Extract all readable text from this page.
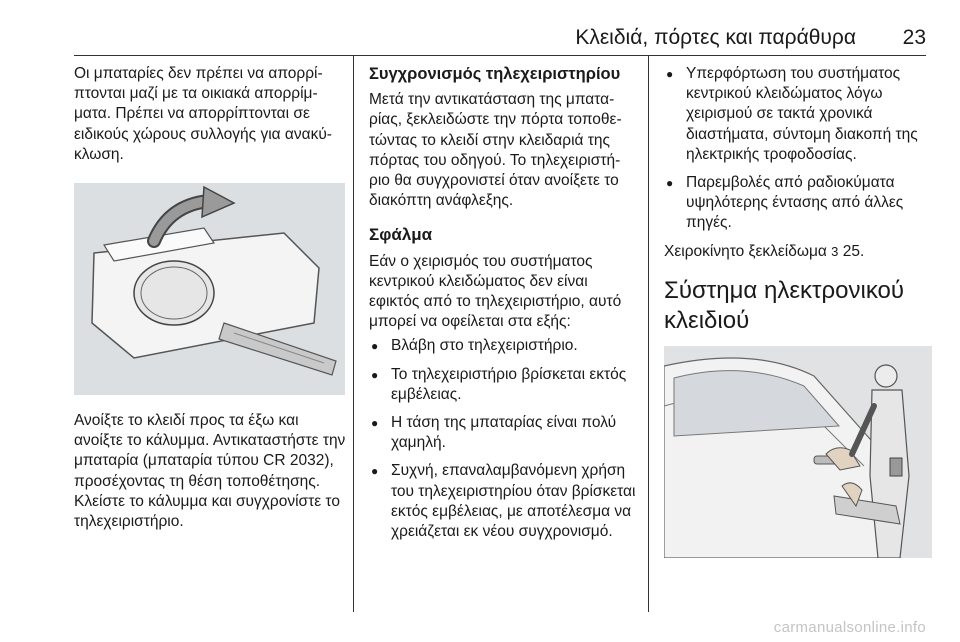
Κλειδιά, πόρτες και παράθυρα 23

Οι μπαταρίες δεν πρέπει να απορρί- πτονται μαζί με τα οικιακά απορρίμ- ματα. Πρέπει να απορρίπτονται σε ειδικούς χώρους συλλογής για ανακύ- κλωση.

Ανοίξτε το κλειδί προς τα έξω και ανοίξτε το κάλυμμα. Αντικαταστήστε την μπαταρία (μπαταρία τύπου CR 2032), προσέχοντας τη θέση τοποθέτησης. Κλείστε το κάλυμμα και συγχρονίστε το τηλεχειριστήριο.

Συγχρονισμός τηλεχειριστηρίου

Μετά την αντικατάσταση της μπατα- ρίας, ξεκλειδώστε την πόρτα τοποθε- τώντας το κλειδί στην κλειδαριά της πόρτας του οδηγού. Το τηλεχειριστή- ριο θα συγχρονιστεί όταν ανοίξετε το διακόπτη ανάφλεξης.

Σφάλμα

Εάν ο χειρισμός του συστήματος κεντρικού κλειδώματος δεν είναι εφικτός από το τηλεχειριστήριο, αυτό μπορεί να οφείλεται στα εξής:

● Βλάβη στο τηλεχειριστήριο.
● Το τηλεχειριστήριο βρίσκεται εκτός εμβέλειας.
● Η τάση της μπαταρίας είναι πολύ χαμηλή.
● Συχνή, επαναλαμβανόμενη χρήση του τηλεχειριστηρίου όταν βρίσκεται εκτός εμβέλειας, με αποτέλεσμα να χρειάζεται εκ νέου συγχρονισμό.
● Υπερφόρτωση του συστήματος κεντρικού κλειδώματος λόγω χειρισμού σε τακτά χρονικά διαστήματα, σύντομη διακοπή της ηλεκτρικής τροφοδοσίας.
● Παρεμβολές από ραδιοκύματα υψηλότερης έντασης από άλλες πηγές.

Χειροκίνητο ξεκλείδωμα 3 25.

Σύστημα ηλεκτρονικού κλειδιού
carmanualsonline.info
